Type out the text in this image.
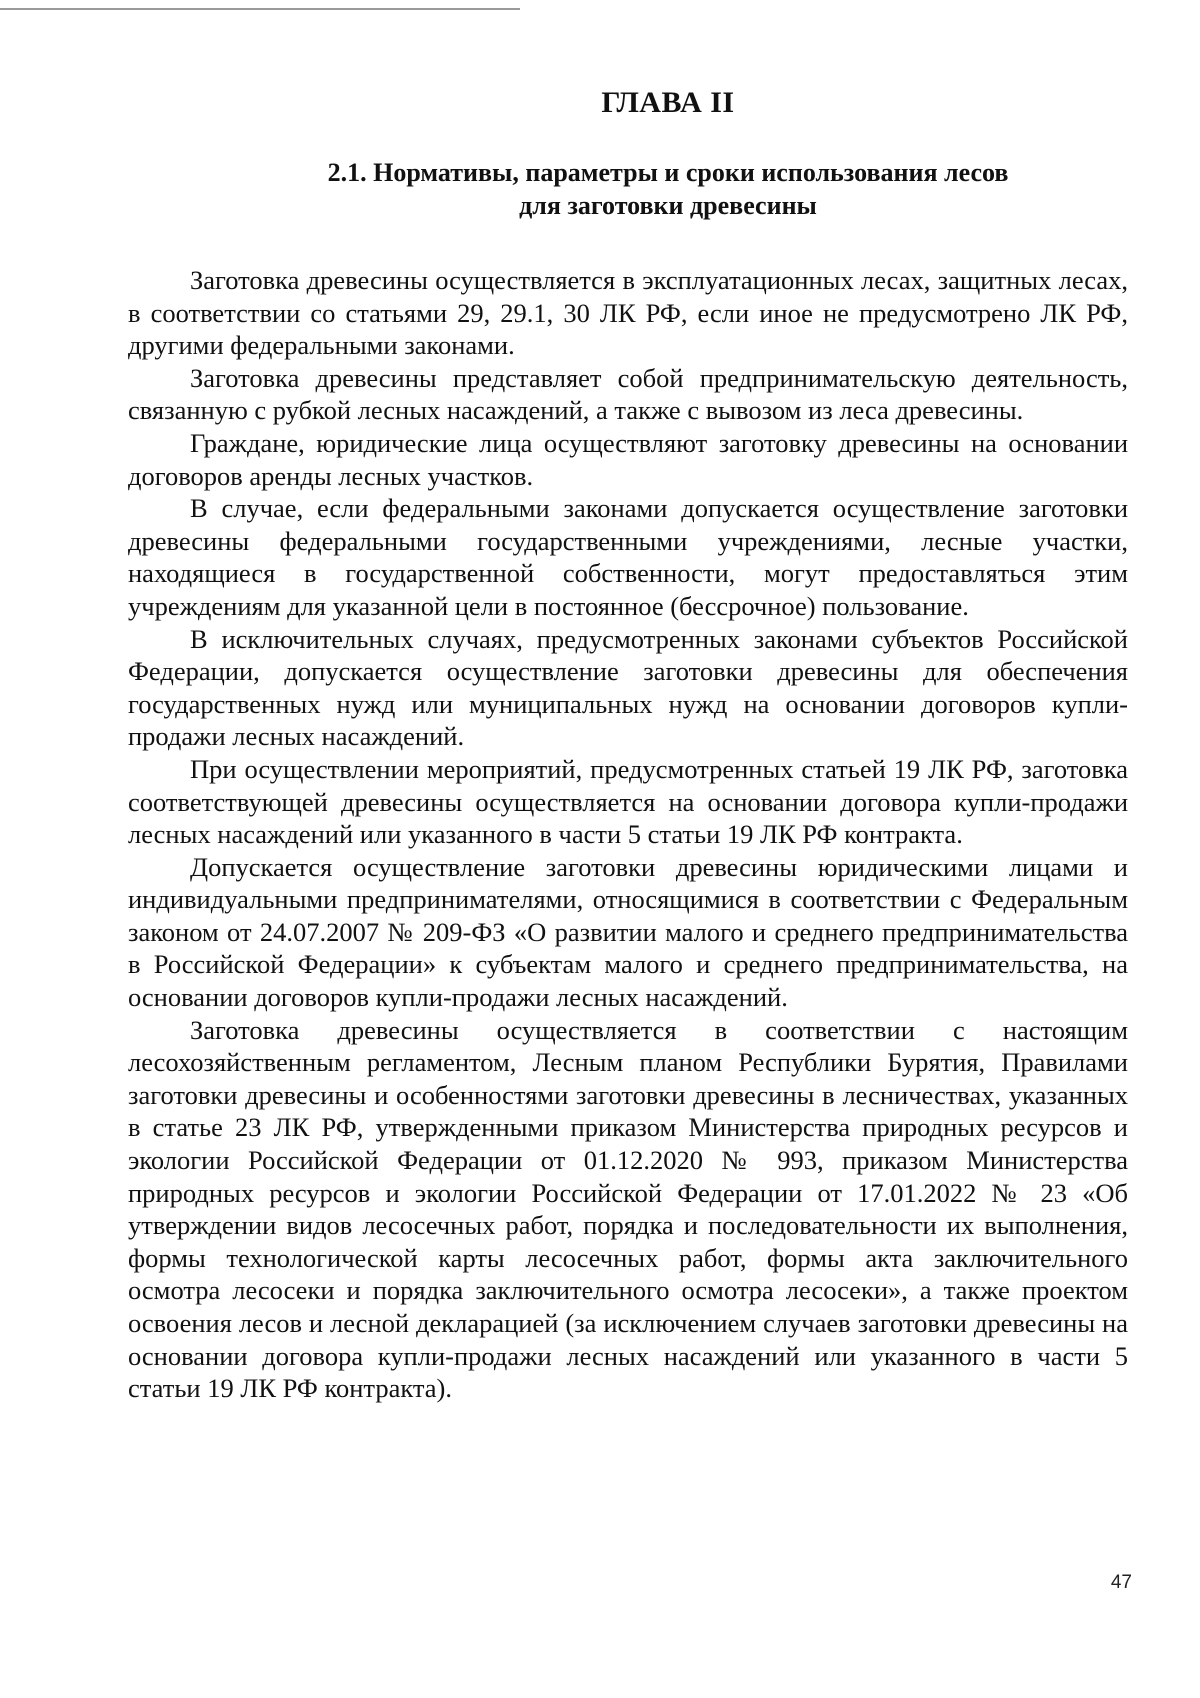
ГЛАВА II
2.1. Нормативы, параметры и сроки использования лесов
для заготовки древесины

Заготовка древесины осуществляется в эксплуатационных лесах, защитных лесах, в соответствии со статьями 29, 29.1, 30 ЛК РФ, если иное не предусмотрено ЛК РФ, другими федеральными законами.

Заготовка древесины представляет собой предпринимательскую деятельность, связанную с рубкой лесных насаждений, а также с вывозом из леса древесины.

Граждане, юридические лица осуществляют заготовку древесины на основании договоров аренды лесных участков.

В случае, если федеральными законами допускается осуществление заготовки древесины федеральными государственными учреждениями, лесные участки, находящиеся в государственной собственности, могут предоставляться этим учреждениям для указанной цели в постоянное (бессрочное) пользование.

В исключительных случаях, предусмотренных законами субъектов Российской Федерации, допускается осуществление заготовки древесины для обеспечения государственных нужд или муниципальных нужд на основании договоров купли-продажи лесных насаждений.

При осуществлении мероприятий, предусмотренных статьей 19 ЛК РФ, заготовка соответствующей древесины осуществляется на основании договора купли-продажи лесных насаждений или указанного в части 5 статьи 19 ЛК РФ контракта.

Допускается осуществление заготовки древесины юридическими лицами и индивидуальными предпринимателями, относящимися в соответствии с Федеральным законом от 24.07.2007 № 209-ФЗ «О развитии малого и среднего предпринимательства в Российской Федерации» к субъектам малого и среднего предпринимательства, на основании договоров купли-продажи лесных насаждений.

Заготовка древесины осуществляется в соответствии с настоящим лесохозяйственным регламентом, Лесным планом Республики Бурятия, Правилами заготовки древесины и особенностями заготовки древесины в лесничествах, указанных в статье 23 ЛК РФ, утвержденными приказом Министерства природных ресурсов и экологии Российской Федерации от 01.12.2020 № 993, приказом Министерства природных ресурсов и экологии Российской Федерации от 17.01.2022 № 23 «Об утверждении видов лесосечных работ, порядка и последовательности их выполнения, формы технологической карты лесосечных работ, формы акта заключительного осмотра лесосеки и порядка заключительного осмотра лесосеки», а также проектом освоения лесов и лесной декларацией (за исключением случаев заготовки древесины на основании договора купли-продажи лесных насаждений или указанного в части 5 статьи 19 ЛК РФ контракта).

47
